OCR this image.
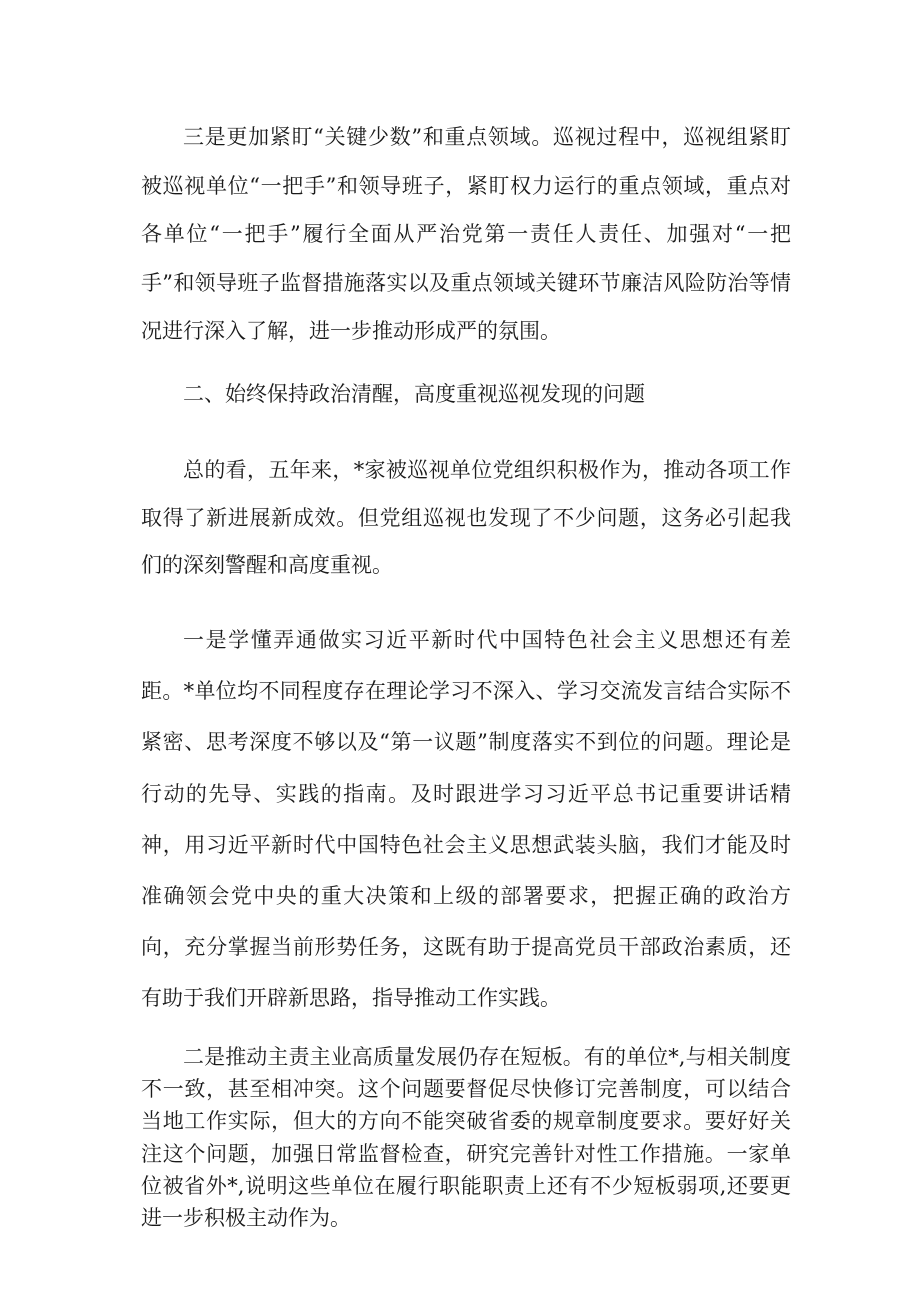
三是更加紧盯“关键少数”和重点领域。巡视过程中，巡视组紧盯被巡视单位“一把手”和领导班子，紧盯权力运行的重点领域，重点对各单位“一把手”履行全面从严治党第一责任人责任、加强对“一把手”和领导班子监督措施落实以及重点领域关键环节廉洁风险防治等情况进行深入了解，进一步推动形成严的氛围。

二、始终保持政治清醒，高度重视巡视发现的问题

总的看，五年来，*家被巡视单位党组织积极作为，推动各项工作取得了新进展新成效。但党组巡视也发现了不少问题，这务必引起我们的深刻警醒和高度重视。

一是学懂弄通做实习近平新时代中国特色社会主义思想还有差距。*单位均不同程度存在理论学习不深入、学习交流发言结合实际不紧密、思考深度不够以及“第一议题”制度落实不到位的问题。理论是行动的先导、实践的指南。及时跟进学习习近平总书记重要讲话精神，用习近平新时代中国特色社会主义思想武装头脑，我们才能及时准确领会党中央的重大决策和上级的部署要求，把握正确的政治方向，充分掌握当前形势任务，这既有助于提高党员干部政治素质，还有助于我们开辟新思路，指导推动工作实践。

二是推动主责主业高质量发展仍存在短板。有的单位*,与相关制度不一致，甚至相冲突。这个问题要督促尽快修订完善制度，可以结合当地工作实际，但大的方向不能突破省委的规章制度要求。要好好关注这个问题，加强日常监督检查，研究完善针对性工作措施。一家单位被省外*,说明这些单位在履行职能职责上还有不少短板弱项,还要更进一步积极主动作为。
